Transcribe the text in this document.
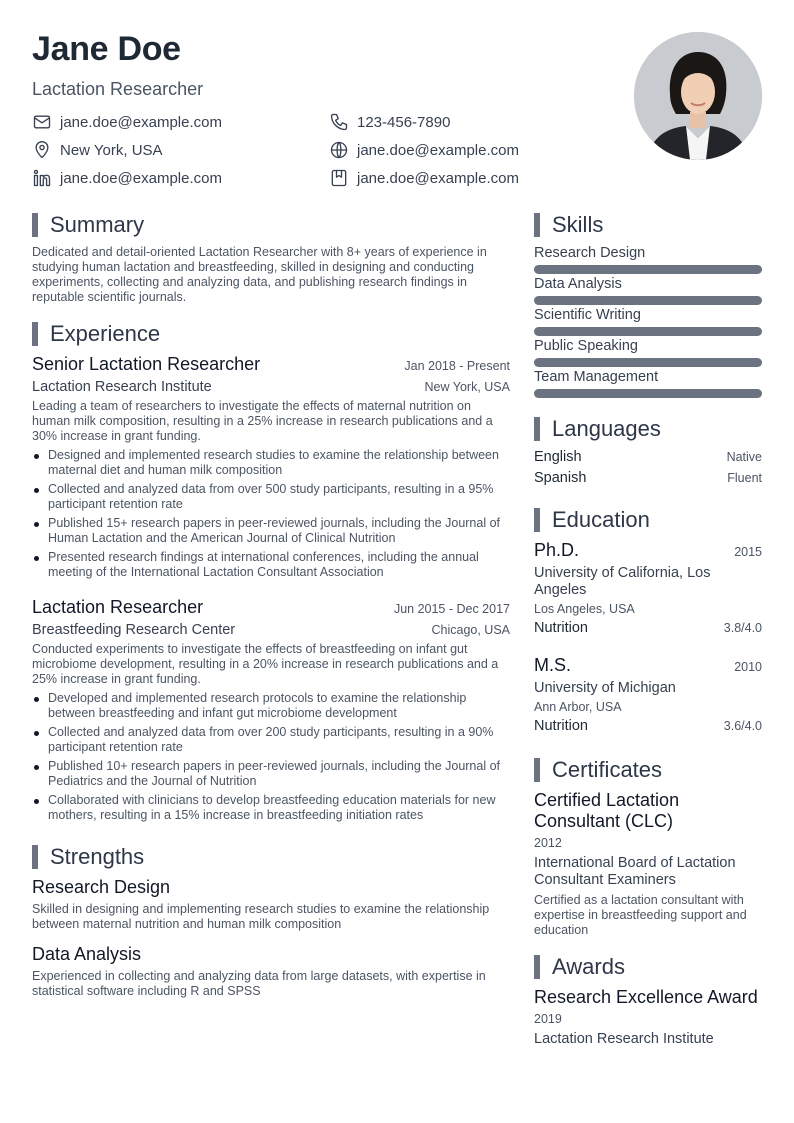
Jane Doe
Lactation Researcher
jane.doe@example.com	123-456-7890
New York, USA	jane.doe@example.com
jane.doe@example.com	jane.doe@example.com
Summary
Dedicated and detail-oriented Lactation Researcher with 8+ years of experience in studying human lactation and breastfeeding, skilled in designing and conducting experiments, collecting and analyzing data, and publishing research findings in reputable scientific journals.
Experience
Senior Lactation Researcher	Jan 2018 - Present
Lactation Research Institute	New York, USA
Leading a team of researchers to investigate the effects of maternal nutrition on human milk composition, resulting in a 25% increase in research publications and a 30% increase in grant funding.
Designed and implemented research studies to examine the relationship between maternal diet and human milk composition
Collected and analyzed data from over 500 study participants, resulting in a 95% participant retention rate
Published 15+ research papers in peer-reviewed journals, including the Journal of Human Lactation and the American Journal of Clinical Nutrition
Presented research findings at international conferences, including the annual meeting of the International Lactation Consultant Association
Lactation Researcher	Jun 2015 - Dec 2017
Breastfeeding Research Center	Chicago, USA
Conducted experiments to investigate the effects of breastfeeding on infant gut microbiome development, resulting in a 20% increase in research publications and a 25% increase in grant funding.
Developed and implemented research protocols to examine the relationship between breastfeeding and infant gut microbiome development
Collected and analyzed data from over 200 study participants, resulting in a 90% participant retention rate
Published 10+ research papers in peer-reviewed journals, including the Journal of Pediatrics and the Journal of Nutrition
Collaborated with clinicians to develop breastfeeding education materials for new mothers, resulting in a 15% increase in breastfeeding initiation rates
Strengths
Research Design
Skilled in designing and implementing research studies to examine the relationship between maternal nutrition and human milk composition
Data Analysis
Experienced in collecting and analyzing data from large datasets, with expertise in statistical software including R and SPSS
Skills
Research Design
Data Analysis
Scientific Writing
Public Speaking
Team Management
Languages
English	Native
Spanish	Fluent
Education
Ph.D.	2015
University of California, Los Angeles
Los Angeles, USA
Nutrition	3.8/4.0
M.S.	2010
University of Michigan
Ann Arbor, USA
Nutrition	3.6/4.0
Certificates
Certified Lactation Consultant (CLC)
2012
International Board of Lactation Consultant Examiners
Certified as a lactation consultant with expertise in breastfeeding support and education
Awards
Research Excellence Award
2019
Lactation Research Institute
